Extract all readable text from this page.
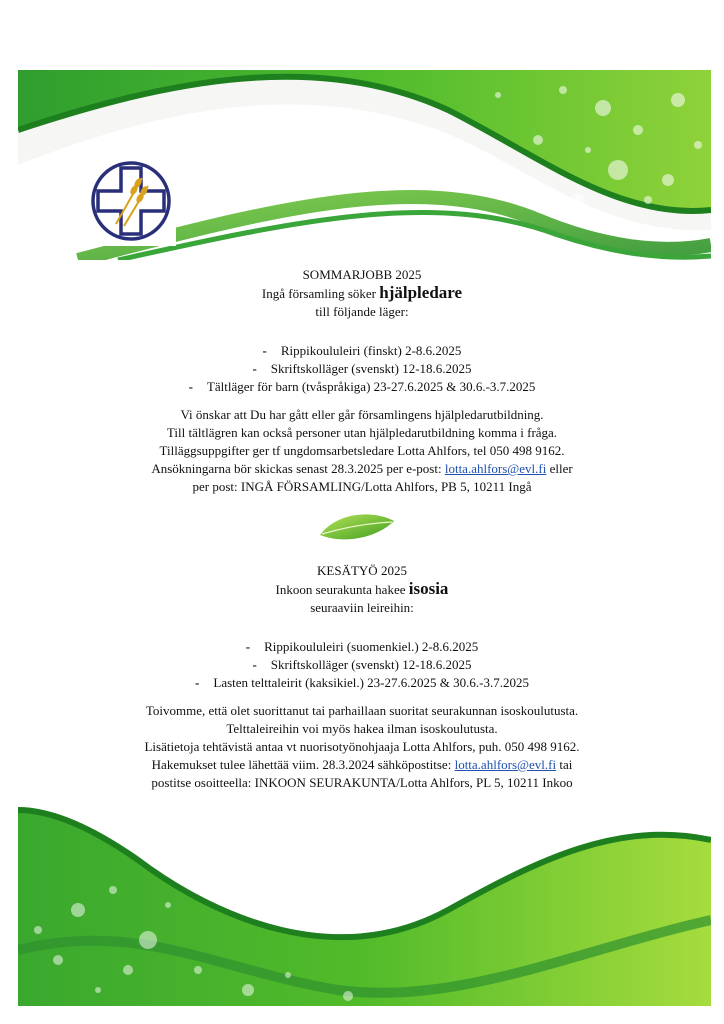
SOMMARJOBB 2025

Ingå församling söker hjälpledare

till följande läger:

- Rippikoululeiri (finskt) 2-8.6.2025
- Skriftskolläger (svenskt) 12-18.6.2025
- Tältläger för barn (tvåspråkiga) 23-27.6.2025 & 30.6.-3.7.2025

Vi önskar att Du har gått eller går församlingens hjälpledarutbildning.

Till tältlägren kan också personer utan hjälpledarutbildning komma i fråga.

Tilläggsuppgifter ger tf ungdomsarbetsledare Lotta Ahlfors, tel 050 498 9162.

Ansökningarna bör skickas senast 28.3.2025 per e-post: lotta.ahlfors@evl.fi eller

per post: INGÅ FÖRSAMLING/Lotta Ahlfors, PB 5, 10211 Ingå

KESÄTYÖ 2025

Inkoon seurakunta hakee isosia

seuraaviin leireihin:

- Rippikoululeiri (suomenkiel.) 2-8.6.2025
- Skriftskolläger (svenskt) 12-18.6.2025
- Lasten telttaleirit (kaksikiel.) 23-27.6.2025 & 30.6.-3.7.2025

Toivomme, että olet suorittanut tai parhaillaan suoritat seurakunnan isoskoulutusta.

Telttaleireihin voi myös hakea ilman isoskoulutusta.

Lisätietoja tehtävistä antaa vt nuorisotyönohjaaja Lotta Ahlfors, puh. 050 498 9162.

Hakemukset tulee lähettää viim. 28.3.2024 sähköpostitse: lotta.ahlfors@evl.fi tai

postitse osoitteella: INKOON SEURAKUNTA/Lotta Ahlfors, PL 5, 10211 Inkoo
